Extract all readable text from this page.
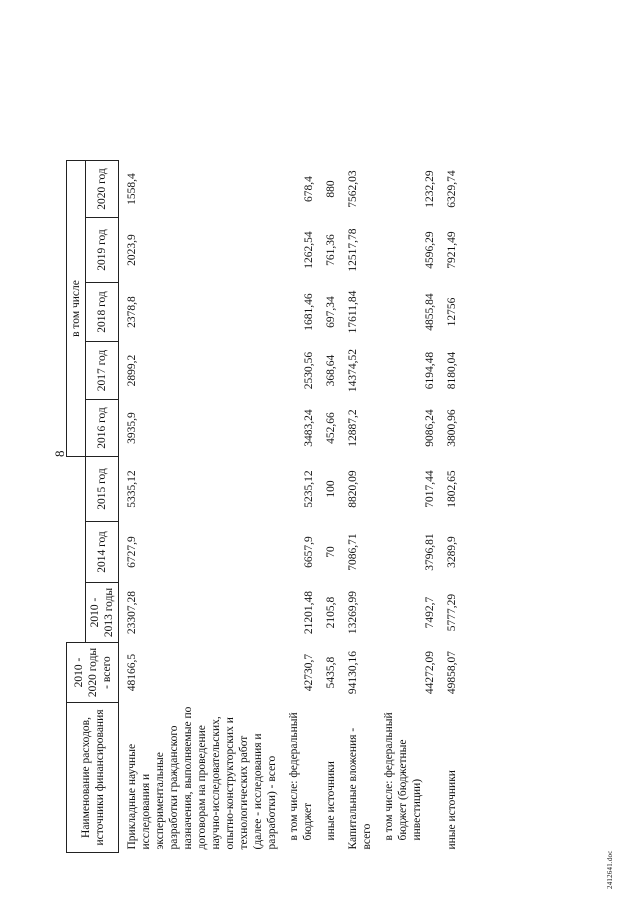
8
Наименование расходов, источники финансирования	2010 - 2020 годы - всего				в том числе				
		2010 - 2013 годы	2014 год	2015 год	2016 год	2017 год	2018 год	2019 год	2020 год
Прикладные научные исследования и экспериментальные разработки гражданского назначения, выполняемые по договорам на проведение научно-исследовательских, опытно-конструкторских и технологических работ (далее - исследования и разработки) - всего	48166,5	23307,28	6727,9	5335,12	3935,9	2899,2	2378,8	2023,9	1558,4
в том числе: федеральный бюджет	42730,7	21201,48	6657,9	5235,12	3483,24	2530,56	1681,46	1262,54	678,4
иные источники	5435,8	2105,8	70	100	452,66	368,64	697,34	761,36	880
Капитальные вложения - всего	94130,16	13269,99	7086,71	8820,09	12887,2	14374,52	17611,84	12517,78	7562,03
в том числе: федеральный бюджет (бюджетные инвестиции)	44272,09	7492,7	3796,81	7017,44	9086,24	6194,48	4855,84	4596,29	1232,29
иные источники	49858,07	5777,29	3289,9	1802,65	3800,96	8180,04	12756	7921,49	6329,74
2412641.doc
